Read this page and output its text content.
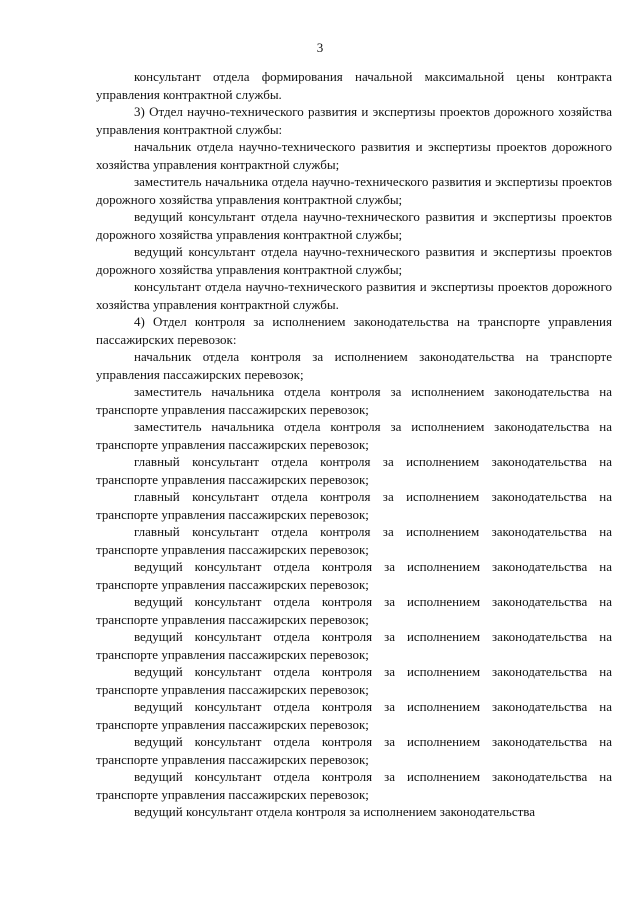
3

консультант отдела формирования начальной максимальной цены контракта управления контрактной службы.

3) Отдел научно-технического развития и экспертизы проектов дорожного хозяйства управления контрактной службы:

начальник отдела научно-технического развития и экспертизы проектов дорожного хозяйства управления контрактной службы;

заместитель начальника отдела научно-технического развития и экспертизы проектов дорожного хозяйства управления контрактной службы;

ведущий консультант отдела научно-технического развития и экспертизы проектов дорожного хозяйства управления контрактной службы;

ведущий консультант отдела научно-технического развития и экспертизы проектов дорожного хозяйства управления контрактной службы;

консультант отдела научно-технического развития и экспертизы проектов дорожного хозяйства управления контрактной службы.

4) Отдел контроля за исполнением законодательства на транспорте управления пассажирских перевозок:

начальник отдела контроля за исполнением законодательства на транспорте управления пассажирских перевозок;

заместитель начальника отдела контроля за исполнением законодательства на транспорте управления пассажирских перевозок;

заместитель начальника отдела контроля за исполнением законодательства на транспорте управления пассажирских перевозок;

главный консультант отдела контроля за исполнением законодательства на транспорте управления пассажирских перевозок;

главный консультант отдела контроля за исполнением законодательства на транспорте управления пассажирских перевозок;

главный консультант отдела контроля за исполнением законодательства на транспорте управления пассажирских перевозок;

ведущий консультант отдела контроля за исполнением законодательства на транспорте управления пассажирских перевозок;

ведущий консультант отдела контроля за исполнением законодательства на транспорте управления пассажирских перевозок;

ведущий консультант отдела контроля за исполнением законодательства на транспорте управления пассажирских перевозок;

ведущий консультант отдела контроля за исполнением законодательства на транспорте управления пассажирских перевозок;

ведущий консультант отдела контроля за исполнением законодательства на транспорте управления пассажирских перевозок;

ведущий консультант отдела контроля за исполнением законодательства на транспорте управления пассажирских перевозок;

ведущий консультант отдела контроля за исполнением законодательства на транспорте управления пассажирских перевозок;

ведущий консультант отдела контроля за исполнением законодательства
